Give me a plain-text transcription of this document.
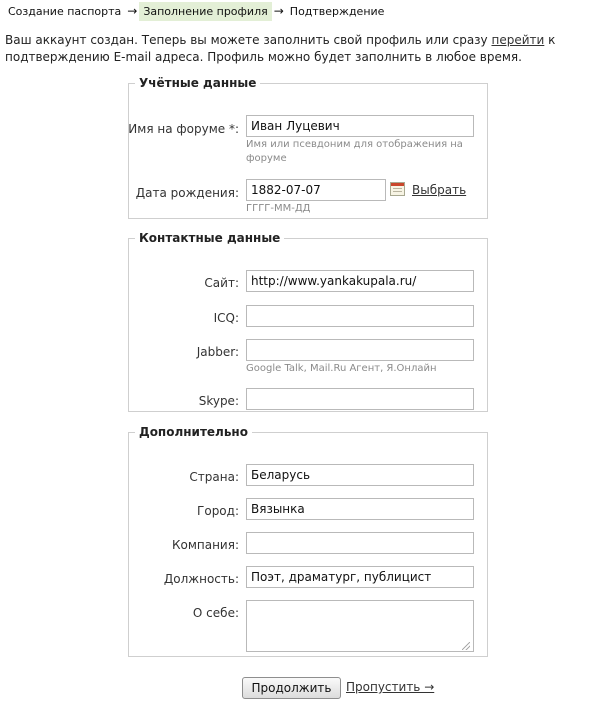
Создание паспорта → Заполнение профиля → Подтверждение
Ваш аккаунт создан. Теперь вы можете заполнить свой профиль или сразу перейти к подтверждению E-mail адреса. Профиль можно будет заполнить в любое время.
Учётные данные
Имя на форуме *:
Иван Луцевич
Имя или псевдоним для отображения на форуме
Дата рождения:
1882-07-07	Выбрать
ГГГГ-ММ-ДД
Контактные данные
Сайт:
http://www.yankakupala.ru/
ICQ:
Jabber:
Google Talk, Mail.Ru Агент, Я.Онлайн
Skype:
Дополнительно
Страна:
Беларусь
Город:
Вязынка
Компания:
Должность:
Поэт, драматург, публицист
О себе:
Продолжить	Пропустить →
